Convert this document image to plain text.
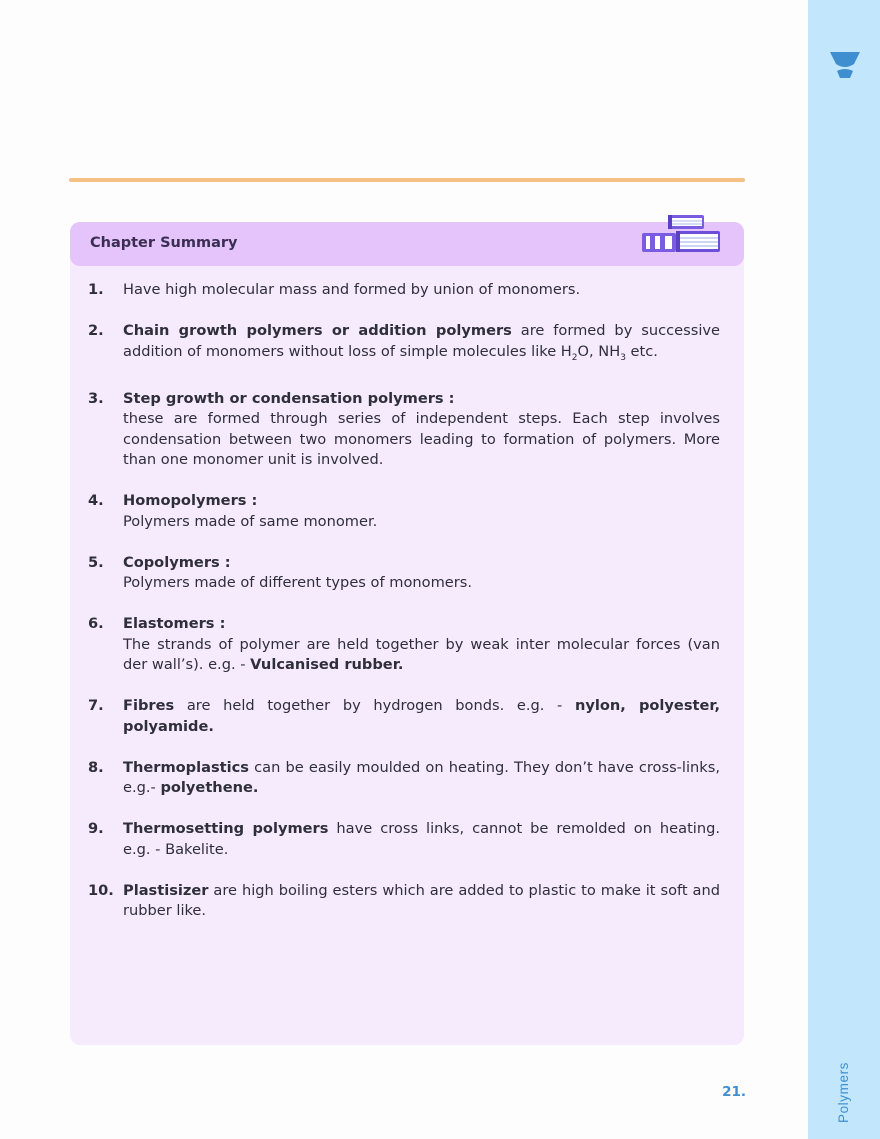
Polymers
Chapter Summary
1. Have high molecular mass and formed by union of monomers.
2. Chain growth polymers or addition polymers are formed by successive addition of monomers without loss of simple molecules like $H_2O$, $NH_3$ etc.
3. Step growth or condensation polymers :
these are formed through series of independent steps. Each step involves condensation between two monomers leading to formation of polymers. More than one monomer unit is involved.
4. Homopolymers :
Polymers made of same monomer.
5. Copolymers :
Polymers made of different types of monomers.
6. Elastomers :
The strands of polymer are held together by weak inter molecular forces (van der wall’s). e.g. - Vulcanised rubber.
7. Fibres are held together by hydrogen bonds. e.g. - nylon, polyester, polyamide.
8. Thermoplastics can be easily moulded on heating. They don’t have cross-links, e.g.- polyethene.
9. Thermosetting polymers have cross links, cannot be remolded on heating. e.g. - Bakelite.
10. Plastisizer are high boiling esters which are added to plastic to make it soft and rubber like.
21.
